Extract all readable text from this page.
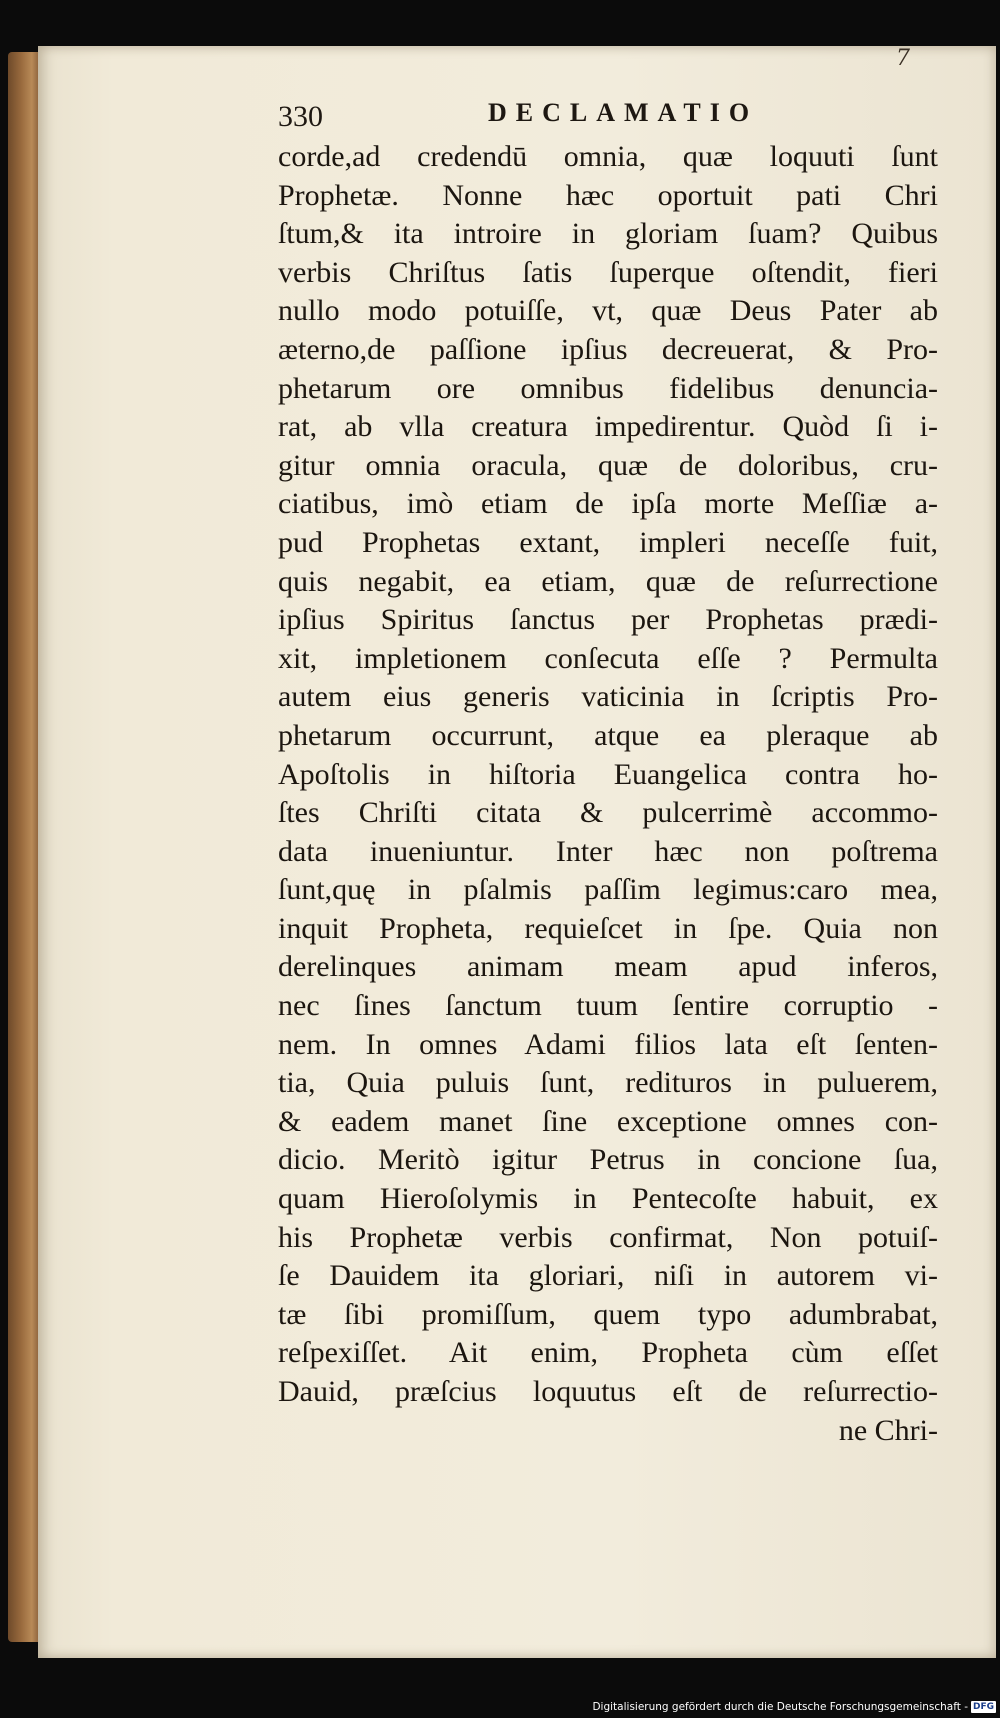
7
330	DECLAMATIO
corde,ad credendū omnia, quæ loquuti ſunt
Prophetæ. Nonne hæc oportuit pati Chri
ſtum,& ita introire in gloriam ſuam? Quibus
verbis Chriſtus ſatis ſuperque oſtendit, fieri
nullo modo potuiſſe, vt, quæ Deus Pater ab
æterno,de paſſione ipſius decreuerat, & Pro-
phetarum ore omnibus fidelibus denuncia-
rat, ab vlla creatura impedirentur. Quòd ſi i-
gitur omnia oracula, quæ de doloribus, cru-
ciatibus, imò etiam de ipſa morte Meſſiæ a-
pud Prophetas extant, impleri neceſſe fuit,
quis negabit, ea etiam, quæ de reſurrectione
ipſius Spiritus ſanctus per Prophetas prædi-
xit, impletionem conſecuta eſſe ? Permulta
autem eius generis vaticinia in ſcriptis Pro-
phetarum occurrunt, atque ea pleraque ab
Apoſtolis in hiſtoria Euangelica contra ho-
ſtes Chriſti citata & pulcerrimè accommo-
data inueniuntur. Inter hæc non poſtrema
ſunt,quę in pſalmis paſſim legimus:caro mea,
inquit Propheta, requieſcet in ſpe. Quia non
derelinques animam meam apud inferos,
nec ſines ſanctum tuum ſentire corruptio -
nem. In omnes Adami filios lata eſt ſenten-
tia, Quia puluis ſunt, redituros in puluerem,
& eadem manet ſine exceptione omnes con-
dicio. Meritò igitur Petrus in concione ſua,
quam Hieroſolymis in Pentecoſte habuit, ex
his Prophetæ verbis confirmat, Non potuiſ-
ſe Dauidem ita gloriari, niſi in autorem vi-
tæ ſibi promiſſum, quem typo adumbrabat,
reſpexiſſet. Ait enim, Propheta cùm eſſet
Dauid, præſcius loquutus eſt de reſurrectio-
ne Chri-
Digitalisierung gefördert durch die Deutsche Forschungsgemeinschaft - DFG
